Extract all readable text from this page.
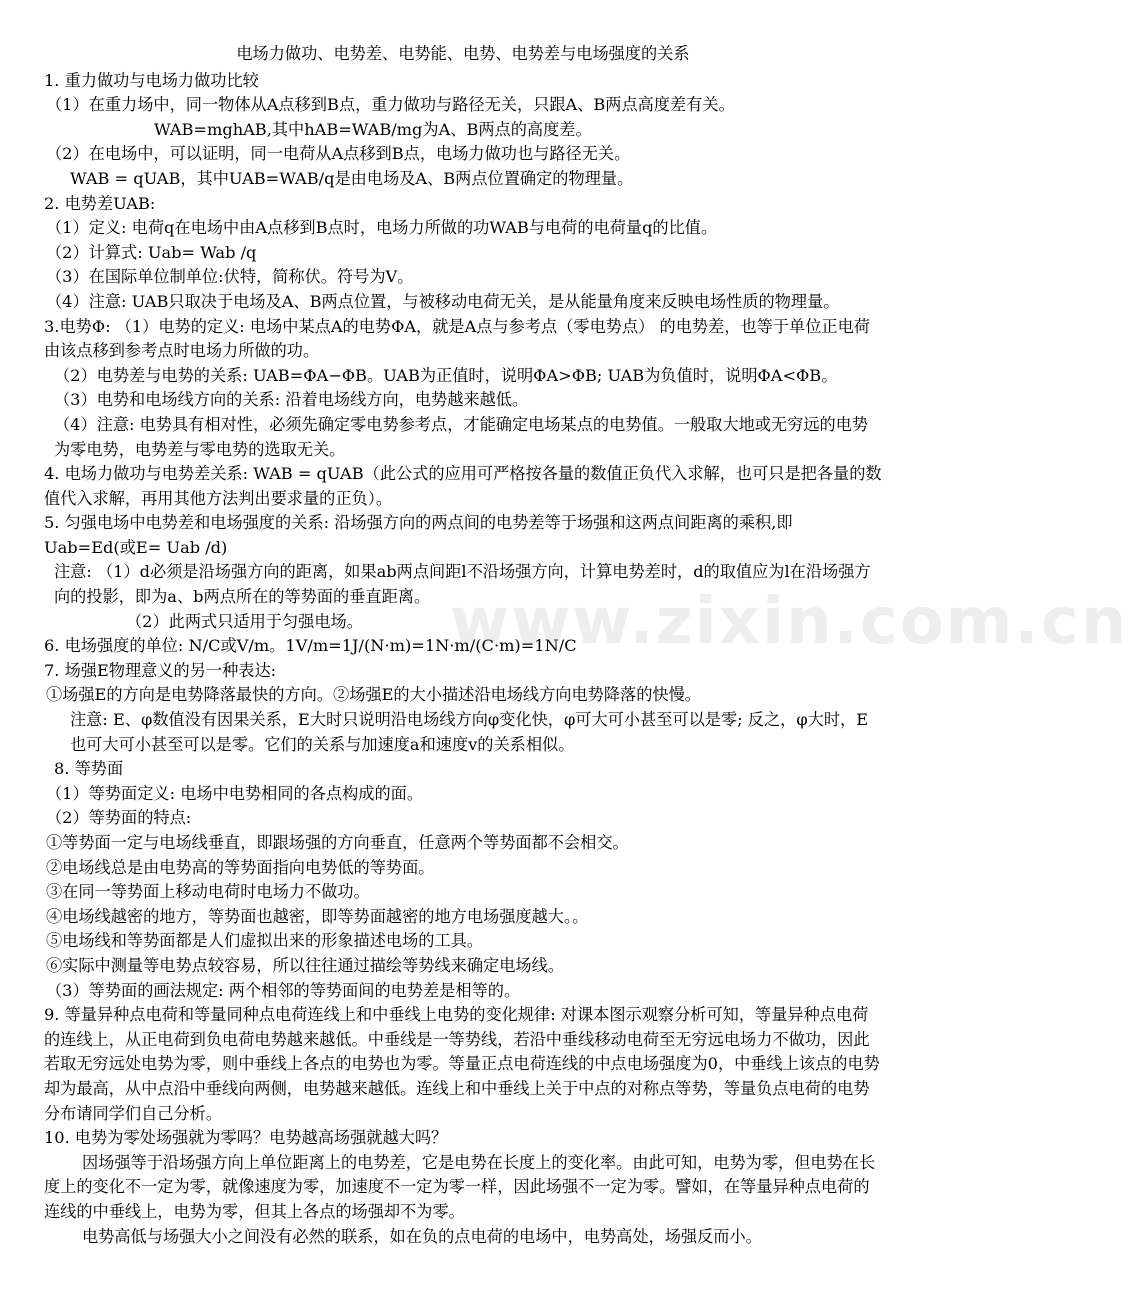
电场力做功、电势差、电势能、电势、电势差与电场强度的关系

1. 重力做功与电场力做功比较

（1）在重力场中，同一物体从A点移到B点，重力做功与路径无关，只跟A、B两点高度差有关。

WAB=mghAB,其中hAB=WAB/mg为A、B两点的高度差。

（2）在电场中，可以证明，同一电荷从A点移到B点，电场力做功也与路径无关。

WAB = qUAB，其中UAB=WAB/q是由电场及A、B两点位置确定的物理量。

2. 电势差UAB:

（1）定义: 电荷q在电场中由A点移到B点时，电场力所做的功WAB与电荷的电荷量q的比值。

（2）计算式: Uab= Wab /q

（3）在国际单位制单位:伏特，简称伏。符号为V。

（4）注意: UAB只取决于电场及A、B两点位置，与被移动电荷无关，是从能量角度来反映电场性质的物理量。

3.电势Φ: （1）电势的定义: 电场中某点A的电势ΦA，就是A点与参考点（零电势点） 的电势差，也等于单位正电荷由该点移到参考点时电场力所做的功。

（2）电势差与电势的关系: UAB=ΦA−ΦB。UAB为正值时，说明ΦA>ΦB; UAB为负值时，说明ΦA<ΦB。

（3）电势和电场线方向的关系: 沿着电场线方向，电势越来越低。

（4）注意: 电势具有相对性，必须先确定零电势参考点，才能确定电场某点的电势值。一般取大地或无穷远的电势为零电势，电势差与零电势的选取无关。

4. 电场力做功与电势差关系: WAB = qUAB（此公式的应用可严格按各量的数值正负代入求解，也可只是把各量的数值代入求解，再用其他方法判出要求量的正负）。

5. 匀强电场中电势差和电场强度的关系: 沿场强方向的两点间的电势差等于场强和这两点间距离的乘积,即Uab=Ed(或E= Uab /d)

注意: （1）d必须是沿场强方向的距离，如果ab两点间距l不沿场强方向，计算电势差时，d的取值应为l在沿场强方向的投影，即为a、b两点所在的等势面的垂直距离。

（2）此两式只适用于匀强电场。

6. 电场强度的单位: N/C或V/m。1V/m=1J/(N·m)=1N·m/(C·m)=1N/C

7. 场强E物理意义的另一种表达:

①场强E的方向是电势降落最快的方向。②场强E的大小描述沿电场线方向电势降落的快慢。

注意: E、φ数值没有因果关系，E大时只说明沿电场线方向φ变化快，φ可大可小甚至可以是零; 反之，φ大时，E也可大可小甚至可以是零。它们的关系与加速度a和速度v的关系相似。

8. 等势面

（1）等势面定义: 电场中电势相同的各点构成的面。

（2）等势面的特点:

①等势面一定与电场线垂直，即跟场强的方向垂直，任意两个等势面都不会相交。

②电场线总是由电势高的等势面指向电势低的等势面。

③在同一等势面上移动电荷时电场力不做功。

④电场线越密的地方，等势面也越密，即等势面越密的地方电场强度越大。。

⑤电场线和等势面都是人们虚拟出来的形象描述电场的工具。

⑥实际中测量等电势点较容易，所以往往通过描绘等势线来确定电场线。

（3）等势面的画法规定: 两个相邻的等势面间的电势差是相等的。

9. 等量异种点电荷和等量同种点电荷连线上和中垂线上电势的变化规律: 对课本图示观察分析可知，等量异种点电荷的连线上，从正电荷到负电荷电势越来越低。中垂线是一等势线，若沿中垂线移动电荷至无穷远电场力不做功，因此若取无穷远处电势为零，则中垂线上各点的电势也为零。等量正点电荷连线的中点电场强度为0，中垂线上该点的电势却为最高，从中点沿中垂线向两侧，电势越来越低。连线上和中垂线上关于中点的对称点等势，等量负点电荷的电势分布请同学们自己分析。

10. 电势为零处场强就为零吗？电势越高场强就越大吗？

因场强等于沿场强方向上单位距离上的电势差，它是电势在长度上的变化率。由此可知，电势为零，但电势在长度上的变化不一定为零，就像速度为零，加速度不一定为零一样，因此场强不一定为零。譬如，在等量异种点电荷的连线的中垂线上，电势为零，但其上各点的场强却不为零。

电势高低与场强大小之间没有必然的联系，如在负的点电荷的电场中，电势高处，场强反而小。

www.zixin.com.cn
